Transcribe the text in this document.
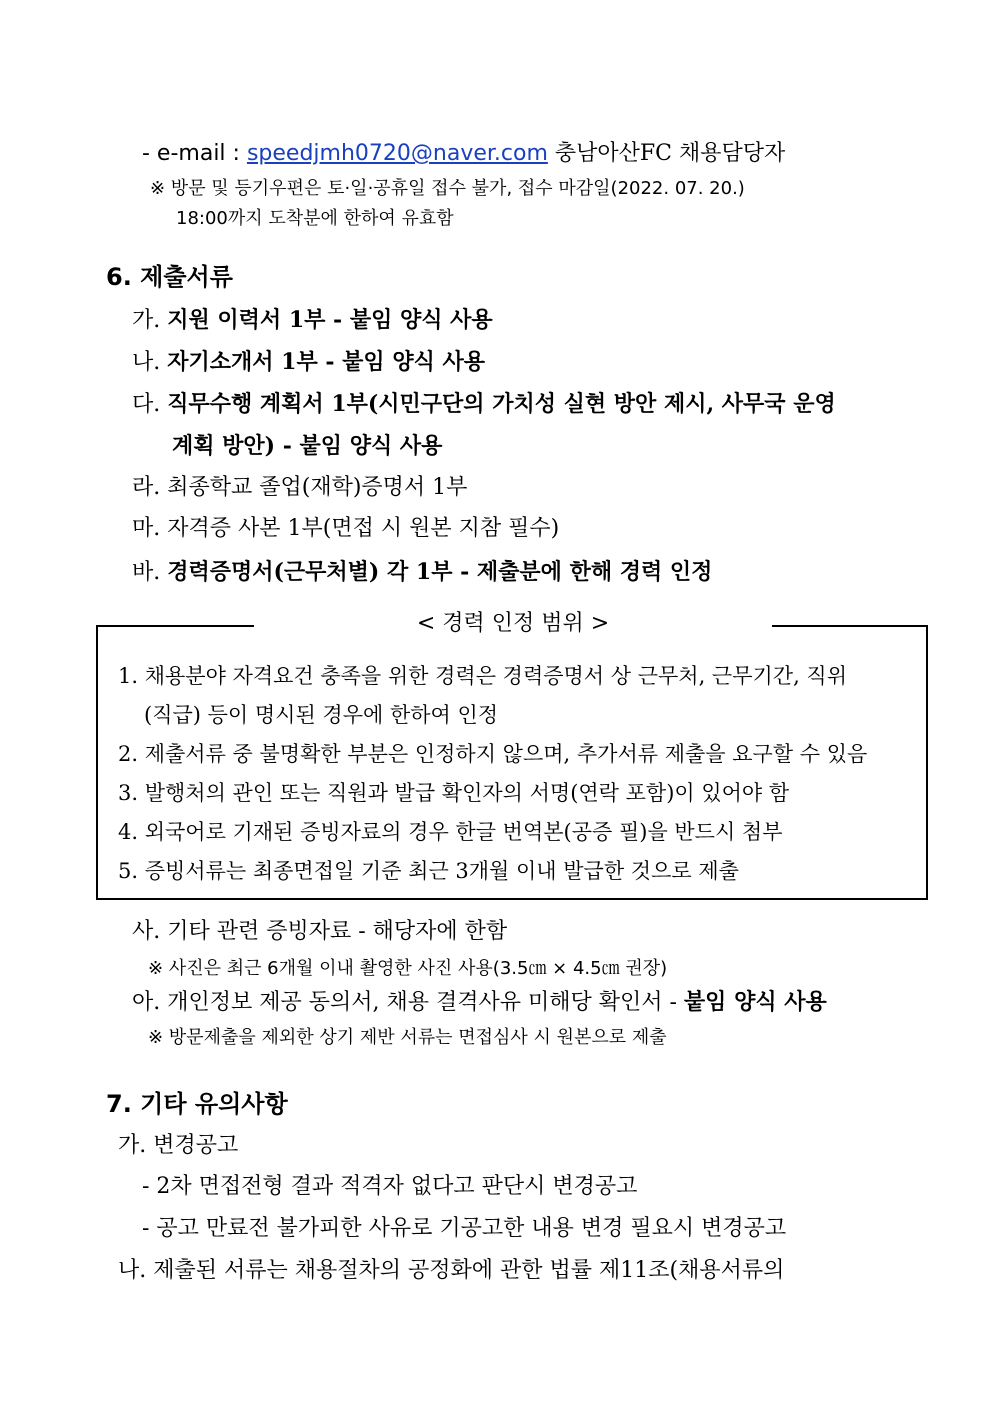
- e-mail : speedjmh0720@naver.com 충남아산FC 채용담당자
※ 방문 및 등기우편은 토·일·공휴일 접수 불가, 접수 마감일(2022. 07. 20.)
18:00까지 도착분에 한하여 유효함
6. 제출서류
가. 지원 이력서 1부 - 붙임 양식 사용
나. 자기소개서 1부 - 붙임 양식 사용
다. 직무수행 계획서 1부(시민구단의 가치성 실현 방안 제시, 사무국 운영
계획 방안) - 붙임 양식 사용
라. 최종학교 졸업(재학)증명서 1부
마. 자격증 사본 1부(면접 시 원본 지참 필수)
바. 경력증명서(근무처별) 각 1부 - 제출분에 한해 경력 인정
< 경력 인정 범위 >
1. 채용분야 자격요건 충족을 위한 경력은 경력증명서 상 근무처, 근무기간, 직위
(직급) 등이 명시된 경우에 한하여 인정
2. 제출서류 중 불명확한 부분은 인정하지 않으며, 추가서류 제출을 요구할 수 있음
3. 발행처의 관인 또는 직원과 발급 확인자의 서명(연락 포함)이 있어야 함
4. 외국어로 기재된 증빙자료의 경우 한글 번역본(공증 필)을 반드시 첨부
5. 증빙서류는 최종면접일 기준 최근 3개월 이내 발급한 것으로 제출
사. 기타 관련 증빙자료 - 해당자에 한함
※ 사진은 최근 6개월 이내 촬영한 사진 사용(3.5㎝ × 4.5㎝ 권장)
아. 개인정보 제공 동의서, 채용 결격사유 미해당 확인서 - 붙임 양식 사용
※ 방문제출을 제외한 상기 제반 서류는 면접심사 시 원본으로 제출
7. 기타 유의사항
가. 변경공고
- 2차 면접전형 결과 적격자 없다고 판단시 변경공고
- 공고 만료전 불가피한 사유로 기공고한 내용 변경 필요시 변경공고
나. 제출된 서류는 채용절차의 공정화에 관한 법률 제11조(채용서류의
